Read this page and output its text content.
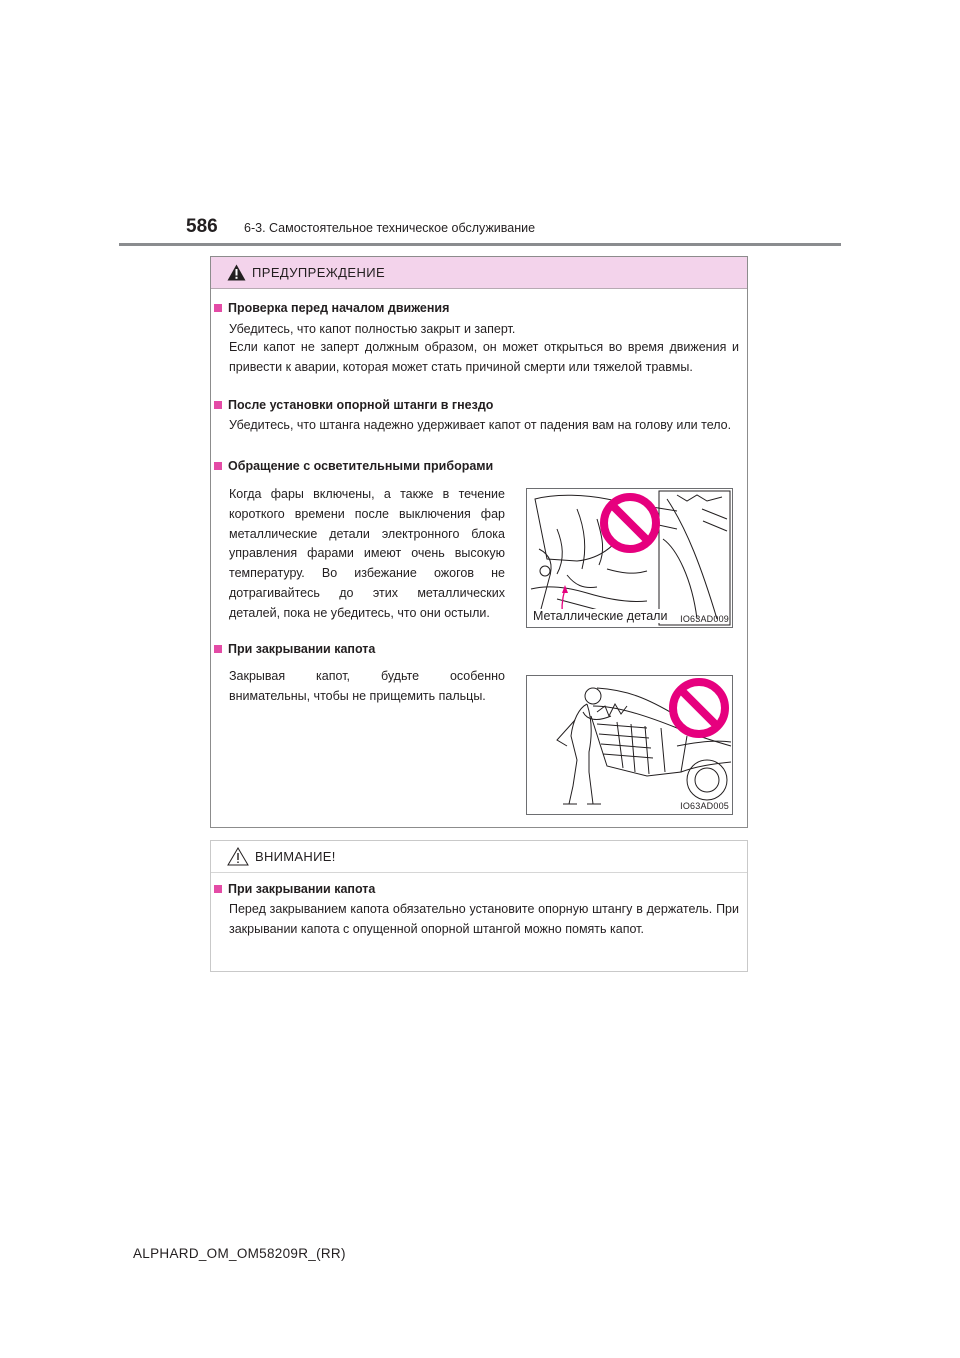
586 6-3. Самостоятельное техническое обслуживание
ПРЕДУПРЕЖДЕНИЕ
Проверка перед началом движения
Убедитесь, что капот полностью закрыт и заперт.
Если капот не заперт должным образом, он может открыться во время движения и привести к аварии, которая может стать причиной смерти или тяжелой травмы.
После установки опорной штанги в гнездо
Убедитесь, что штанга надежно удерживает капот от падения вам на голову или тело.
Обращение с осветительными приборами
Когда фары включены, а также в течение короткого времени после выключения фар металлические детали электронного блока управления фарами имеют очень высокую температуру. Во избежание ожогов не дотрагивайтесь до этих металлических деталей, пока не убедитесь, что они остыли.	Металлические детали IO63AD009
При закрывании капота
Закрывая капот, будьте особенно внимательны, чтобы не прищемить пальцы.
IO63AD005
ВНИМАНИЕ!
При закрывании капота
Перед закрыванием капота обязательно установите опорную штангу в держатель. При закрывании капота с опущенной опорной штангой можно помять капот.
ALPHARD_OM_OM58209R_(RR)
